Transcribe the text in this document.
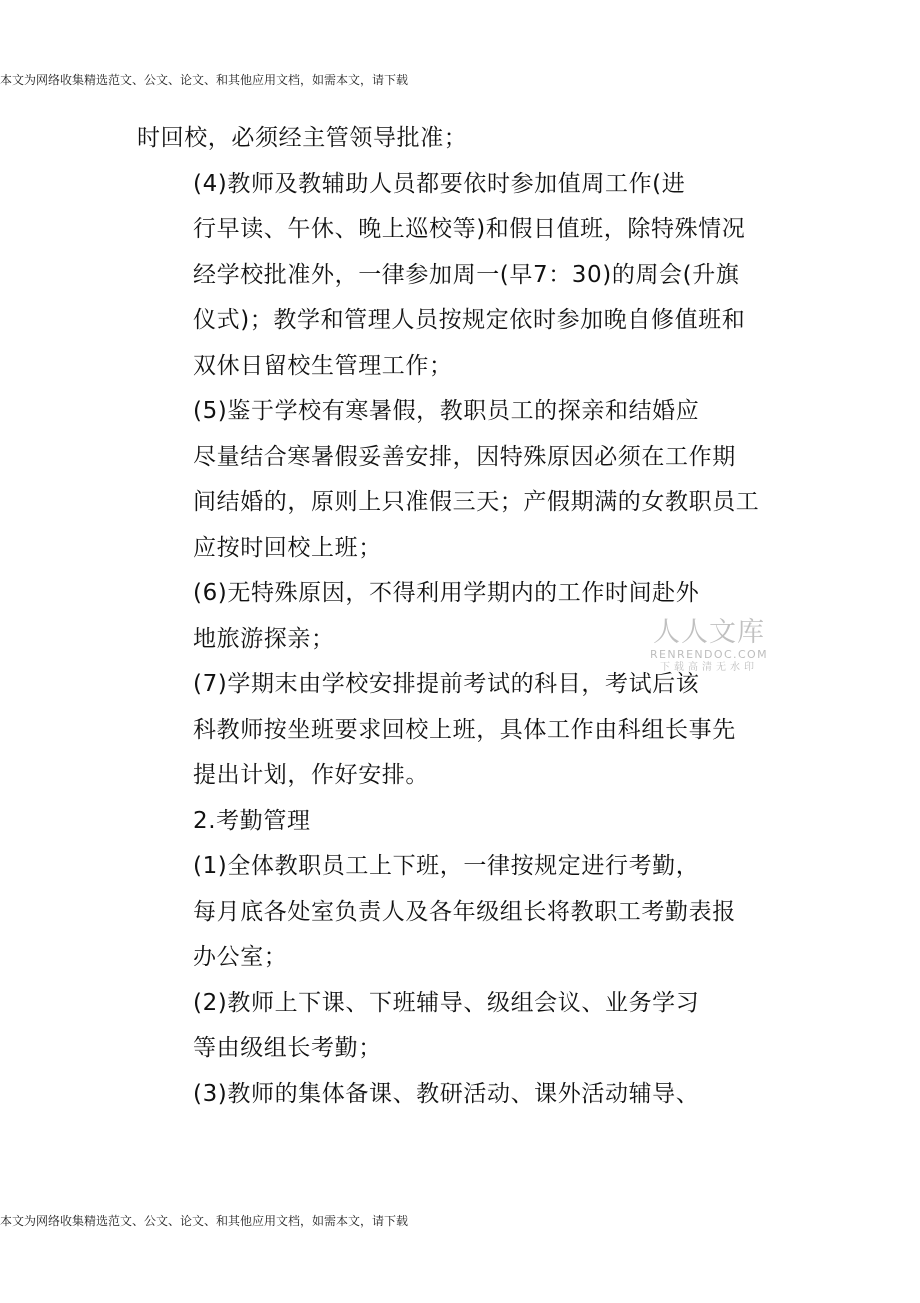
本文为网络收集精选范文、公文、论文、和其他应用文档，如需本文，请下载

时回校，必须经主管领导批准；

(4)教师及教辅助人员都要依时参加值周工作(进
行早读、午休、晚上巡校等)和假日值班，除特殊情况
经学校批准外，一律参加周一(早7：30)的周会(升旗
仪式)；教学和管理人员按规定依时参加晚自修值班和
双休日留校生管理工作；

(5)鉴于学校有寒暑假，教职员工的探亲和结婚应
尽量结合寒暑假妥善安排，因特殊原因必须在工作期
间结婚的，原则上只准假三天；产假期满的女教职员工
应按时回校上班；

(6)无特殊原因，不得利用学期内的工作时间赴外
地旅游探亲；

(7)学期末由学校安排提前考试的科目，考试后该
科教师按坐班要求回校上班，具体工作由科组长事先
提出计划，作好安排。

2.考勤管理

(1)全体教职员工上下班，一律按规定进行考勤，
每月底各处室负责人及各年级组长将教职工考勤表报
办公室；

(2)教师上下课、下班辅导、级组会议、业务学习
等由级组长考勤；

(3)教师的集体备课、教研活动、课外活动辅导、

人人文库
RENRENDOC.COM
下载高清无水印
本文为网络收集精选范文、公文、论文、和其他应用文档，如需本文，请下载
